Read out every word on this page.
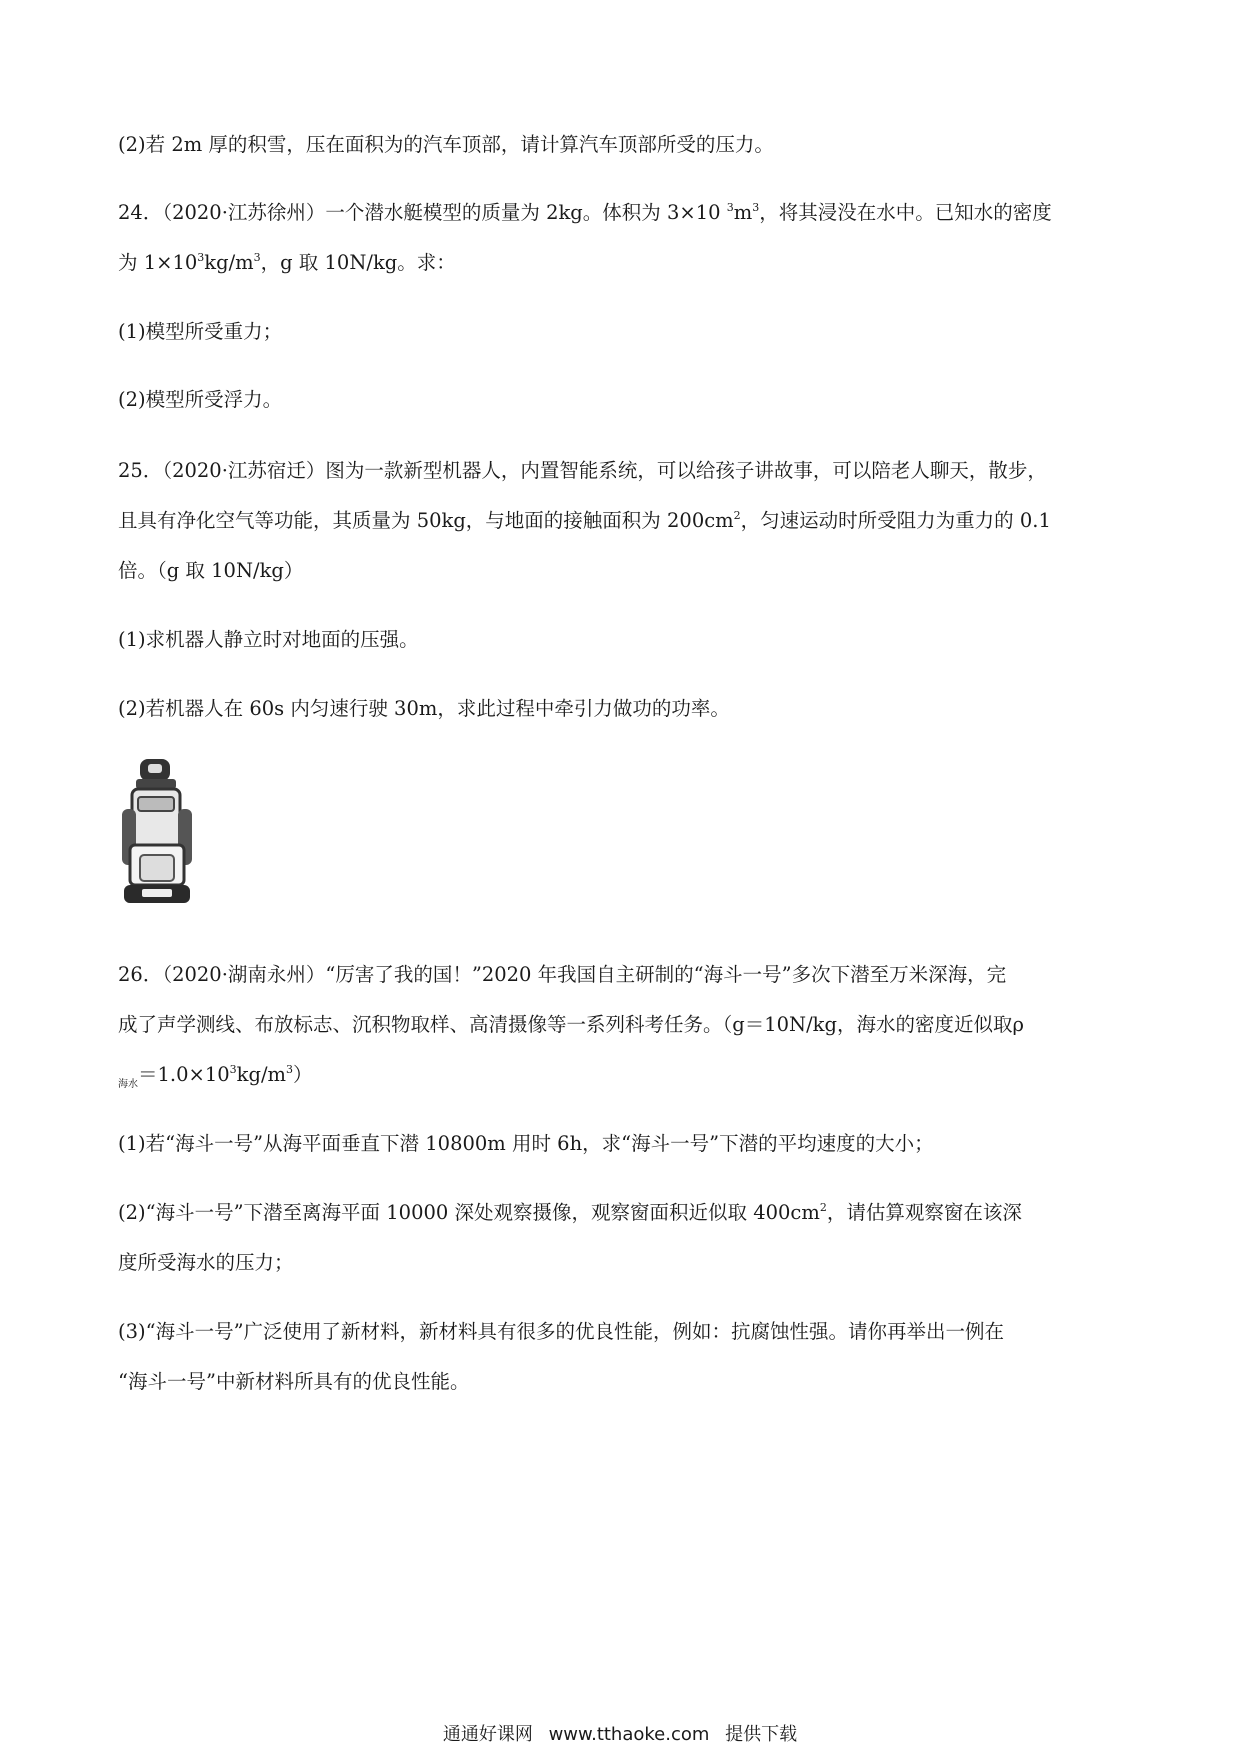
(2)若 2m 厚的积雪，压在面积为的汽车顶部，请计算汽车顶部所受的压力。
24．（2020·江苏徐州）一个潜水艇模型的质量为 2kg。体积为 3×10 $^3m^3$，将其浸没在水中。已知水的密度
为 $1\times 10^3kg/m^3$，g 取 10N/kg。求：
(1)模型所受重力；
(2)模型所受浮力。
25．（2020·江苏宿迁）图为一款新型机器人，内置智能系统，可以给孩子讲故事，可以陪老人聊天，散步，
且具有净化空气等功能，其质量为 50kg，与地面的接触面积为 $200cm^2$，匀速运动时所受阻力为重力的 0.1
倍。（g 取 10N/kg）
(1)求机器人静立时对地面的压强。
(2)若机器人在 60s 内匀速行驶 30m，求此过程中牵引力做功的功率。
26．（2020·湖南永州）“厉害了我的国！”2020 年我国自主研制的“海斗一号”多次下潜至万米深海，完
成了声学测线、布放标志、沉积物取样、高清摄像等一系列科考任务。（g＝10N/kg，海水的密度近似取ρ
$_{海水}=1.0\times 10^3kg/m^3$）
(1)若“海斗一号”从海平面垂直下潜 10800m 用时 6h，求“海斗一号”下潜的平均速度的大小；
(2)“海斗一号”下潜至离海平面 10000 深处观察摄像，观察窗面积近似取 $400cm^2$，请估算观察窗在该深
度所受海水的压力；
(3)“海斗一号”广泛使用了新材料，新材料具有很多的优良性能，例如：抗腐蚀性强。请你再举出一例在
“海斗一号”中新材料所具有的优良性能。
通通好课网 www.tthaoke.com 提供下载
